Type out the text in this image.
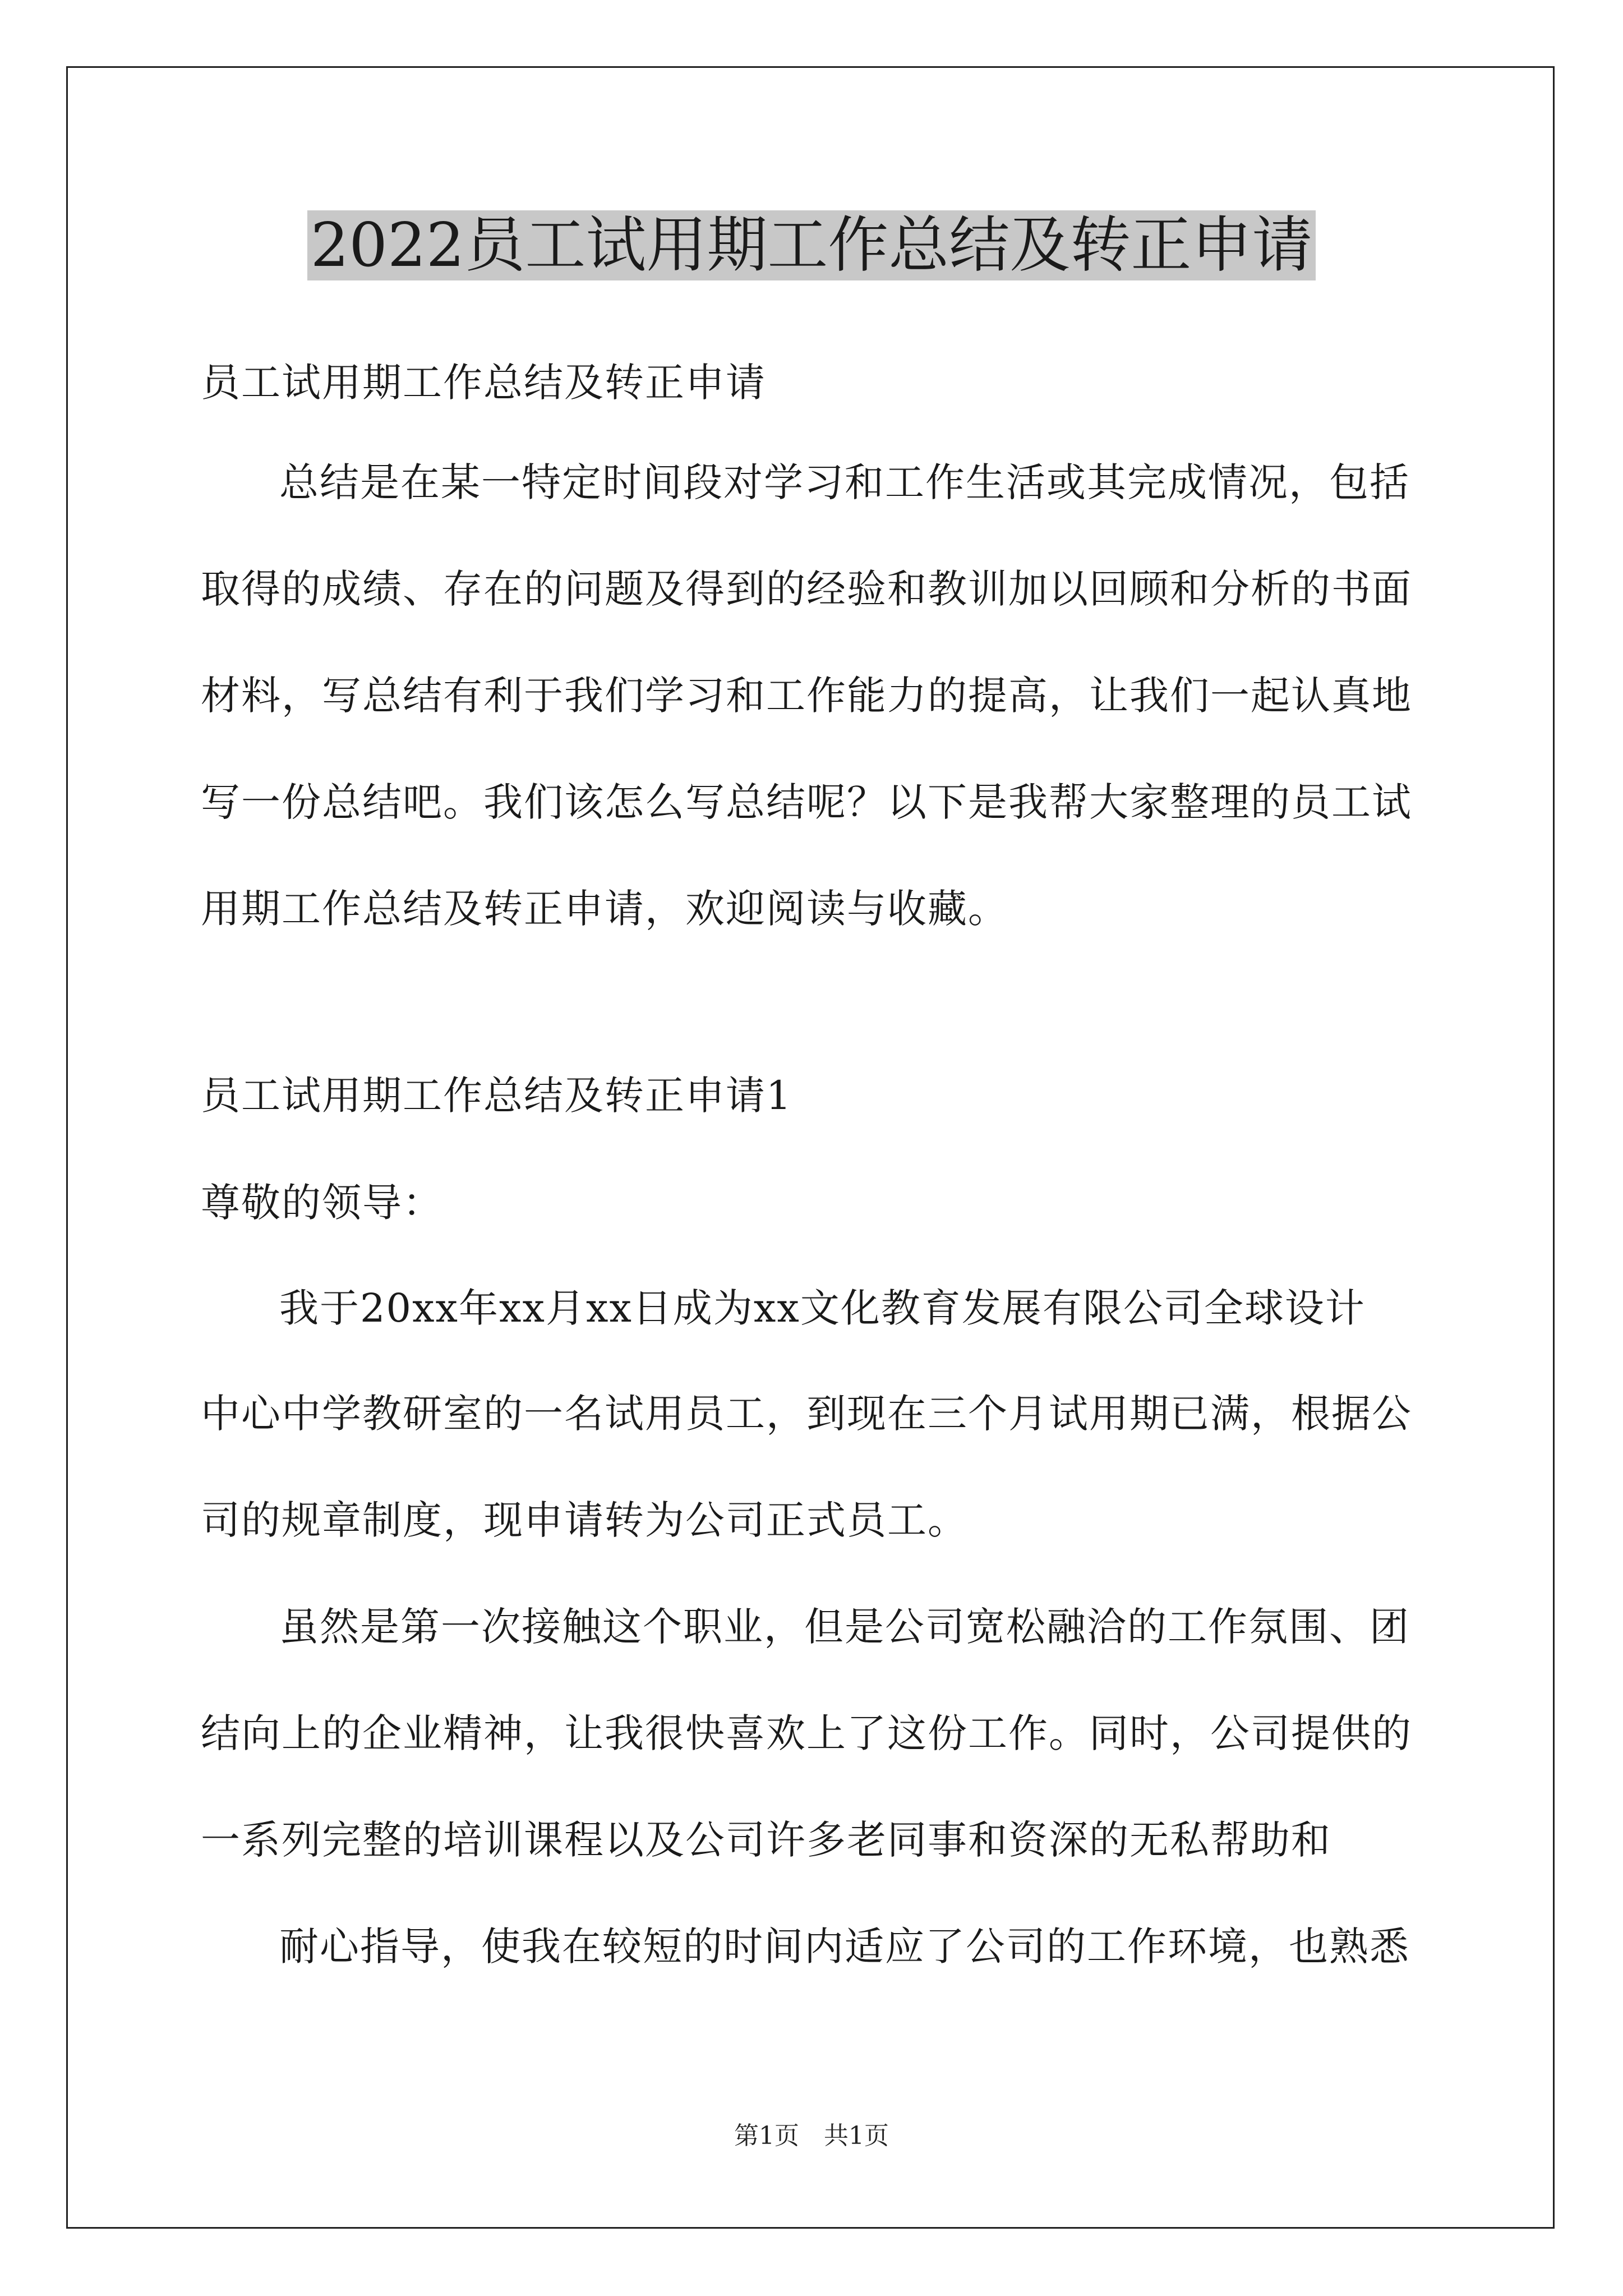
2022员工试用期工作总结及转正申请
员工试用期工作总结及转正申请
总结是在某一特定时间段对学习和工作生活或其完成情况，包括
取得的成绩、存在的问题及得到的经验和教训加以回顾和分析的书面
材料，写总结有利于我们学习和工作能力的提高，让我们一起认真地
写一份总结吧。我们该怎么写总结呢？以下是我帮大家整理的员工试
用期工作总结及转正申请，欢迎阅读与收藏。
员工试用期工作总结及转正申请1
尊敬的领导：
我于20xx年xx月xx日成为xx文化教育发展有限公司全球设计
中心中学教研室的一名试用员工，到现在三个月试用期已满，根据公
司的规章制度，现申请转为公司正式员工。
虽然是第一次接触这个职业，但是公司宽松融洽的工作氛围、团
结向上的企业精神，让我很快喜欢上了这份工作。同时，公司提供的
一系列完整的培训课程以及公司许多老同事和资深的无私帮助和
耐心指导，使我在较短的时间内适应了公司的工作环境，也熟悉
第1页　共1页
